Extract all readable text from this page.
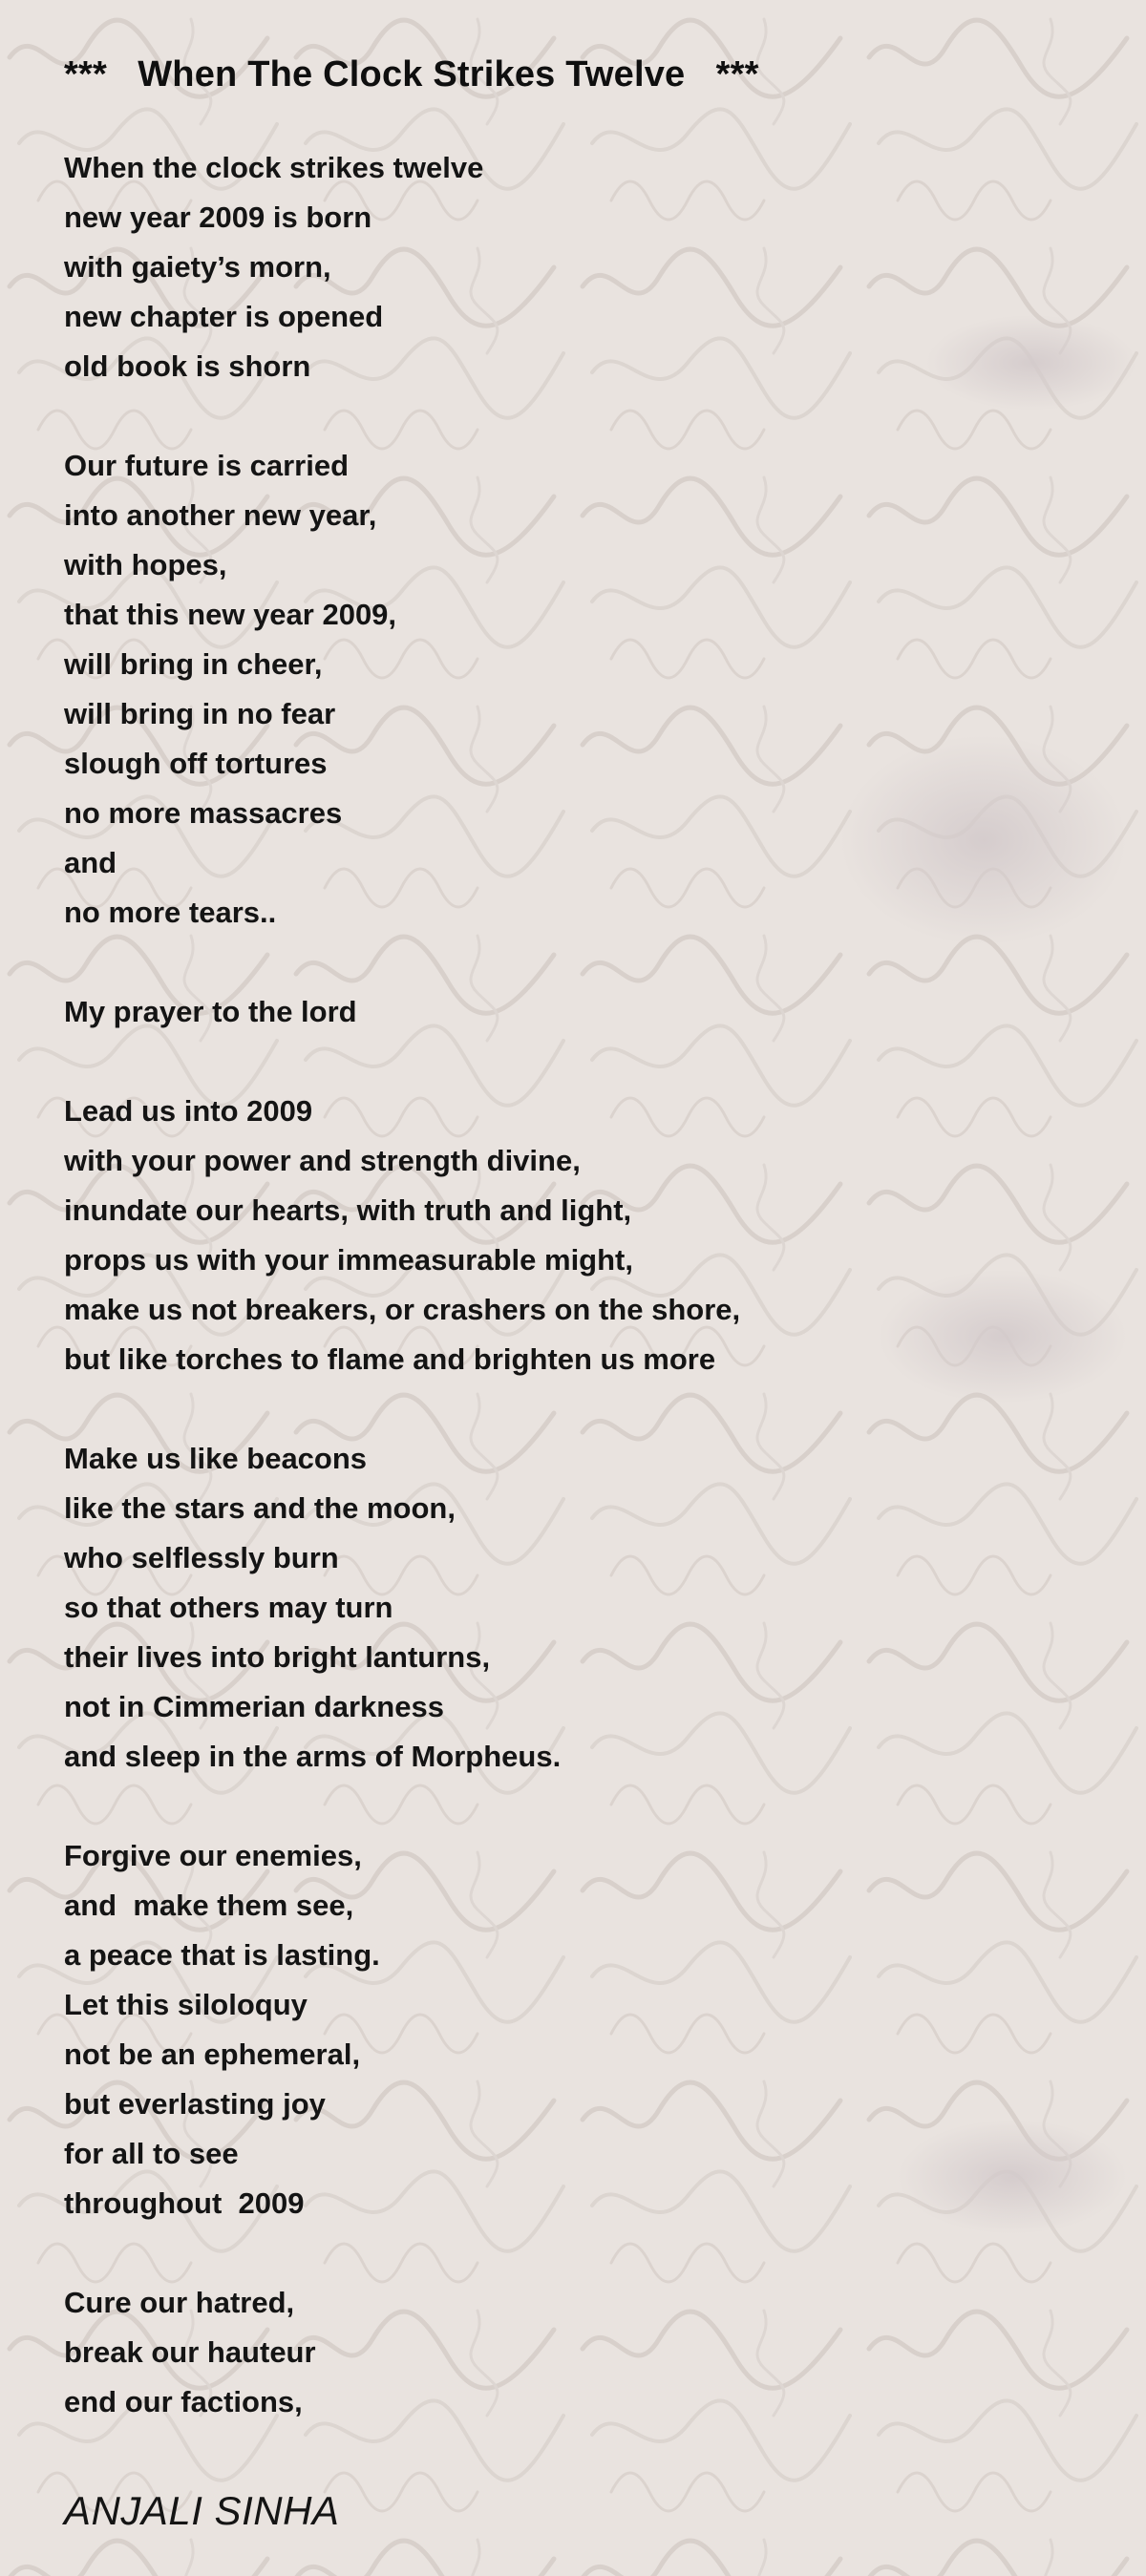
***   When The Clock Strikes Twelve   ***
When the clock strikes twelve
new year 2009 is born
with gaiety’s morn,
new chapter is opened
old book is shorn
Our future is carried
into another new year,
with hopes,
that this new year 2009,
will bring in cheer,
will bring in no fear
slough off tortures
no more massacres
and
no more tears..
My prayer to the lord
Lead us into 2009
with your power and strength divine,
inundate our hearts, with truth and light,
props us with your immeasurable might,
make us not breakers, or crashers on the shore,
but like torches to flame and brighten us more
Make us like beacons
like the stars and the moon,
who selflessly burn
so that others may turn
their lives into bright lanturns,
not in Cimmerian darkness
and sleep in the arms of Morpheus.
Forgive our enemies,
and  make them see,
a peace that is lasting.
Let this siloloquy
not be an ephemeral,
but everlasting joy
for all to see
throughout  2009
Cure our hatred,
break our hauteur
end our factions,
ANJALI SINHA
